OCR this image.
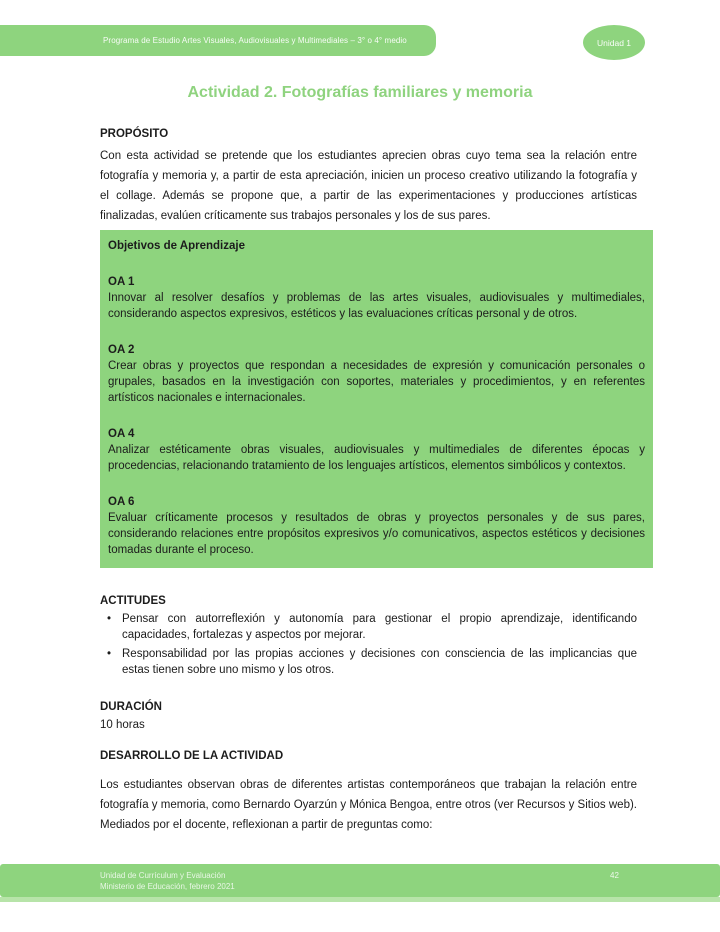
Programa de Estudio Artes Visuales, Audiovisuales y Multimediales – 3° o 4° medio	Unidad 1
Actividad 2. Fotografías familiares y memoria
PROPÓSITO

Con esta actividad se pretende que los estudiantes aprecien obras cuyo tema sea la relación entre fotografía y memoria y, a partir de esta apreciación, inicien un proceso creativo utilizando la fotografía y el collage. Además se propone que, a partir de las experimentaciones y producciones artísticas finalizadas, evalúen críticamente sus trabajos personales y los de sus pares.

Objetivos de Aprendizaje

OA 1

Innovar al resolver desafíos y problemas de las artes visuales, audiovisuales y multimediales, considerando aspectos expresivos, estéticos y las evaluaciones críticas personal y de otros.

OA 2

Crear obras y proyectos que respondan a necesidades de expresión y comunicación personales o grupales, basados en la investigación con soportes, materiales y procedimientos, y en referentes artísticos nacionales e internacionales.

OA 4

Analizar estéticamente obras visuales, audiovisuales y multimediales de diferentes épocas y procedencias, relacionando tratamiento de los lenguajes artísticos, elementos simbólicos y contextos.

OA 6

Evaluar críticamente procesos y resultados de obras y proyectos personales y de sus pares, considerando relaciones entre propósitos expresivos y/o comunicativos, aspectos estéticos y decisiones tomadas durante el proceso.

ACTITUDES
• Pensar con autorreflexión y autonomía para gestionar el propio aprendizaje, identificando capacidades, fortalezas y aspectos por mejorar.
• Responsabilidad por las propias acciones y decisiones con consciencia de las implicancias que estas tienen sobre uno mismo y los otros.
DURACIÓN

10 horas

DESARROLLO DE LA ACTIVIDAD

Los estudiantes observan obras de diferentes artistas contemporáneos que trabajan la relación entre fotografía y memoria, como Bernardo Oyarzún y Mónica Bengoa, entre otros (ver Recursos y Sitios web). Mediados por el docente, reflexionan a partir de preguntas como:

Unidad de Currículum y Evaluación
Ministerio de Educación, febrero 2021
42
